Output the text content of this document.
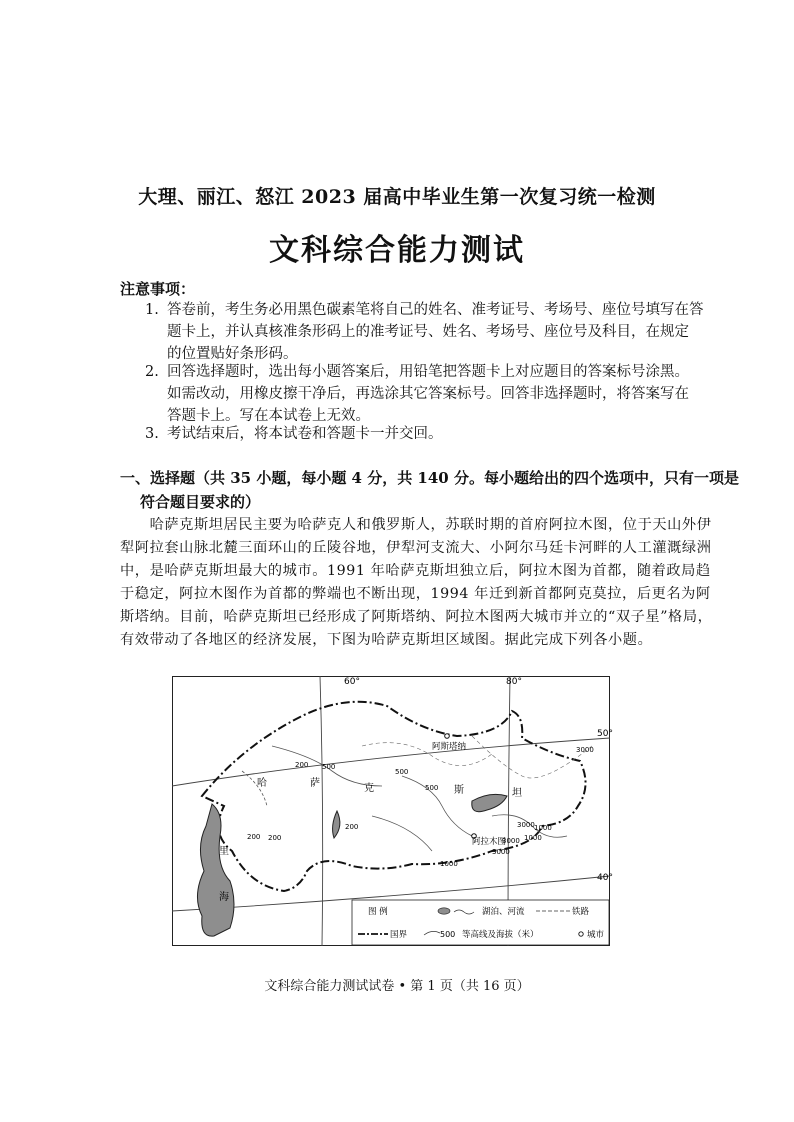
大理、丽江、怒江 2023 届高中毕业生第一次复习统一检测
文科综合能力测试
注意事项：
1. 答卷前，考生务必用黑色碳素笔将自己的姓名、准考证号、考场号、座位号填写在答
题卡上，并认真核准条形码上的准考证号、姓名、考场号、座位号及科目，在规定
的位置贴好条形码。
2. 回答选择题时，选出每小题答案后，用铅笔把答题卡上对应题目的答案标号涂黑。
如需改动，用橡皮擦干净后，再选涂其它答案标号。回答非选择题时，将答案写在
答题卡上。写在本试卷上无效。
3. 考试结束后，将本试卷和答题卡一并交回。
一、选择题（共 35 小题，每小题 4 分，共 140 分。每小题给出的四个选项中，只有一项是
符合题目要求的）
　　哈萨克斯坦居民主要为哈萨克人和俄罗斯人，苏联时期的首府阿拉木图，位于天山外伊
犁阿拉套山脉北麓三面环山的丘陵谷地，伊犁河支流大、小阿尔马廷卡河畔的人工灌溉绿洲
中，是哈萨克斯坦最大的城市。1991 年哈萨克斯坦独立后，阿拉木图为首都，随着政局趋
于稳定，阿拉木图作为首都的弊端也不断出现，1994 年迁到新首都阿克莫拉，后更名为阿
斯塔纳。目前，哈萨克斯坦已经形成了阿斯塔纳、阿拉木图两大城市并立的“双子星”格局，
有效带动了各地区的经济发展，下图为哈萨克斯坦区域图。据此完成下列各小题。
60°	80°
50°
40°
阿斯塔纳
阿拉木图
哈	萨	克	斯	坦
里
海
200 500
200
500
500
200
200
1000
3000
1000
3000
1000
3000
3000
图 例	湖泊、河流	铁路
国界	500 等高线及海拔（米）	城市
文科综合能力测试试卷 • 第 1 页（共 16 页）
